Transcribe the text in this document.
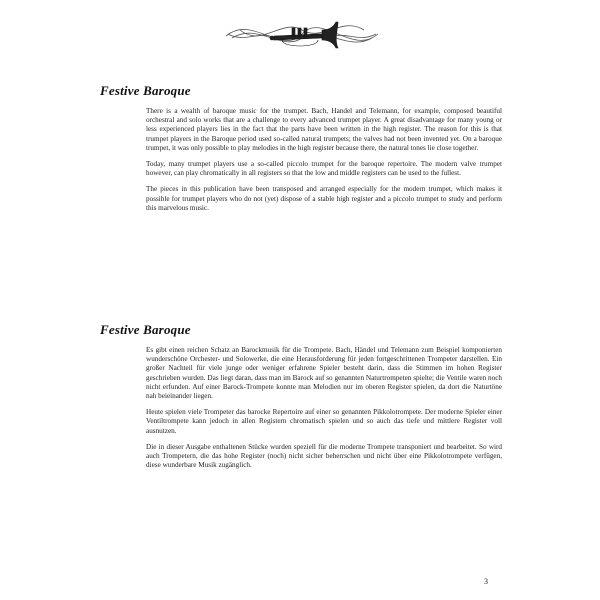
Festive Baroque

There is a wealth of baroque music for the trumpet. Bach, Handel and Telemann, for example, composed beautiful orchestral and solo works that are a challenge to every advanced trumpet player. A great disadvantage for many young or less experienced players lies in the fact that the parts have been written in the high register. The reason for this is that trumpet players in the Baroque period used so-called natural trumpets; the valves had not been invented yet. On a baroque trumpet, it was only possible to play melodies in the high register because there, the natural tones lie close together.

Today, many trumpet players use a so-called piccolo trumpet for the baroque repertoire. The modern valve trumpet however, can play chromatically in all registers so that the low and middle registers can be used to the fullest.

The pieces in this publication have been transposed and arranged especially for the modern trumpet, which makes it possible for trumpet players who do not (yet) dispose of a stable high register and a piccolo trumpet to study and perform this marvelous music.

Festive Baroque

Es gibt einen reichen Schatz an Barockmusik für die Trompete. Bach, Händel und Telemann zum Beispiel komponierten wunderschöne Orchester- und Solowerke, die eine Herausforderung für jeden fortgeschrittenen Trompeter darstellen. Ein großer Nachteil für viele junge oder weniger erfahrene Spieler besteht darin, dass die Stimmen im hohen Register geschrieben wurden. Das liegt daran, dass man im Barock auf so genannten Naturtrompeten spielte; die Ventile waren noch nicht erfunden. Auf einer Barock-Trompete konnte man Melodien nur im oberen Register spielen, da dort die Naturtöne nah beieinander liegen.

Heute spielen viele Trompeter das barocke Repertoire auf einer so genannten Pikkolotrompete. Der moderne Spieler einer Ventiltrompete kann jedoch in allen Registern chromatisch spielen und so auch das tiefe und mittlere Register voll ausnutzen.

Die in dieser Ausgabe enthaltenen Stücke wurden speziell für die moderne Trompete transponiert und bearbeitet. So wird auch Trompetern, die das hohe Register (noch) nicht sicher beherrschen und nicht über eine Pikkolotrompete verfügen, diese wunderbare Musik zugänglich.

3
